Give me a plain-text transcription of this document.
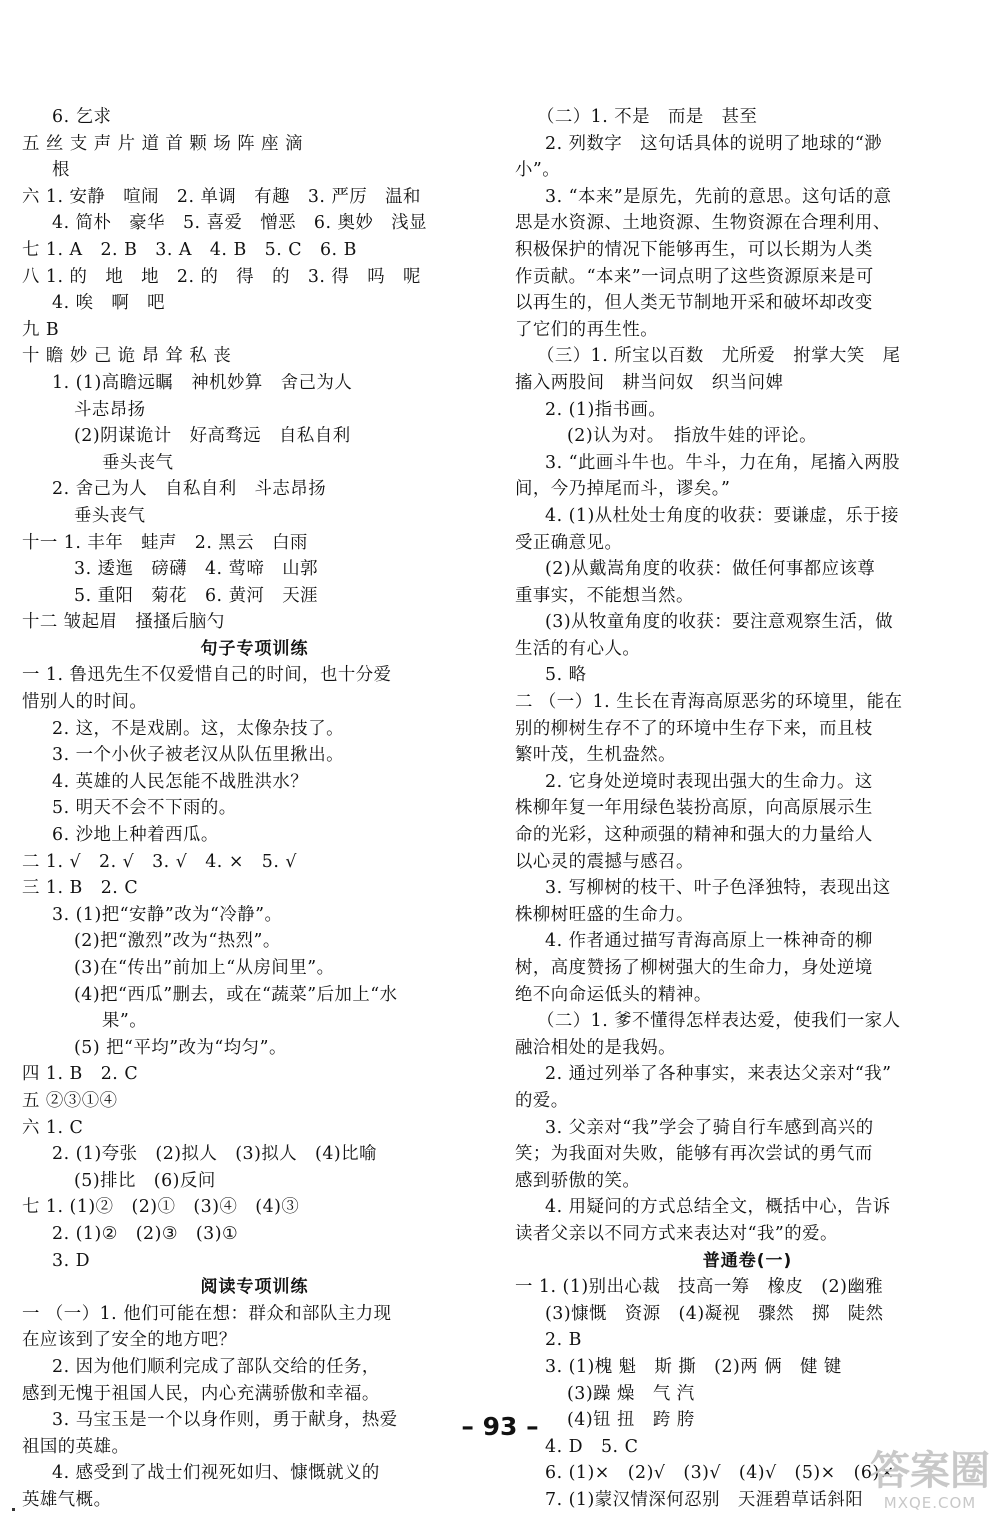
6. 乞求
五 丝 支 声 片 道 首 颗 场 阵 座 滴
根
六 1. 安静　喧闹　2. 单调　有趣　3. 严厉　温和
4. 简朴　豪华　5. 喜爱　憎恶　6. 奥妙　浅显
七 1. A　2. B　3. A　4. B　5. C　6. B
八 1. 的　地　地　2. 的　得　的　3. 得　吗　呢
4. 唉　啊　吧
九 B
十 瞻 妙 己 诡 昂 耸 私 丧
1. (1)高瞻远瞩　神机妙算　舍己为人
斗志昂扬
(2)阴谋诡计　好高骛远　自私自利
垂头丧气
2. 舍己为人　自私自利　斗志昂扬
垂头丧气
十一 1. 丰年　蛙声　2. 黑云　白雨
3. 逶迤　磅礴　4. 莺啼　山郭
5. 重阳　菊花　6. 黄河　天涯
十二 皱起眉　搔搔后脑勺
句子专项训练
一 1. 鲁迅先生不仅爱惜自己的时间，也十分爱
惜别人的时间。
2. 这，不是戏剧。这，太像杂技了。
3. 一个小伙子被老汉从队伍里揪出。
4. 英雄的人民怎能不战胜洪水？
5. 明天不会不下雨的。
6. 沙地上种着西瓜。
二 1. √　2. √　3. √　4. ×　5. √
三 1. B　2. C
3. (1)把“安静”改为“冷静”。
(2)把“激烈”改为“热烈”。
(3)在“传出”前加上“从房间里”。
(4)把“西瓜”删去，或在“蔬菜”后加上“水
果”。
(5) 把“平均”改为“均匀”。
四 1. B　2. C
五 ②③①④
六 1. C
2. (1)夸张　(2)拟人　(3)拟人　(4)比喻
(5)排比　(6)反问
七 1. (1)②　(2)①　(3)④　(4)③
2. (1)②　(2)③　(3)①
3. D
阅读专项训练
一 （一）1. 他们可能在想：群众和部队主力现
在应该到了安全的地方吧？
2. 因为他们顺利完成了部队交给的任务，
感到无愧于祖国人民，内心充满骄傲和幸福。
3. 马宝玉是一个以身作则，勇于献身，热爱
祖国的英雄。
4. 感受到了战士们视死如归、慷慨就义的
英雄气概。
（二）1. 不是　而是　甚至
2. 列数字　这句话具体的说明了地球的“渺
小”。
3. “本来”是原先，先前的意思。这句话的意
思是水资源、土地资源、生物资源在合理利用、
积极保护的情况下能够再生，可以长期为人类
作贡献。“本来”一词点明了这些资源原来是可
以再生的，但人类无节制地开采和破坏却改变
了它们的再生性。
（三）1. 所宝以百数　尤所爱　拊掌大笑　尾
搐入两股间　耕当问奴　织当问婢
2. (1)指书画。
(2)认为对。　指放牛娃的评论。
3. “此画斗牛也。牛斗，力在角，尾搐入两股
间，今乃掉尾而斗，谬矣。”
4. (1)从杜处士角度的收获：要谦虚，乐于接
受正确意见。
(2)从戴嵩角度的收获：做任何事都应该尊
重事实，不能想当然。
(3)从牧童角度的收获：要注意观察生活，做
生活的有心人。
5. 略
二 （一）1. 生长在青海高原恶劣的环境里，能在
别的柳树生存不了的环境中生存下来，而且枝
繁叶茂，生机盎然。
2. 它身处逆境时表现出强大的生命力。这
株柳年复一年用绿色装扮高原，向高原展示生
命的光彩，这种顽强的精神和强大的力量给人
以心灵的震撼与感召。
3. 写柳树的枝干、叶子色泽独特，表现出这
株柳树旺盛的生命力。
4. 作者通过描写青海高原上一株神奇的柳
树，高度赞扬了柳树强大的生命力，身处逆境
绝不向命运低头的精神。
（二）1. 爹不懂得怎样表达爱，使我们一家人
融洽相处的是我妈。
2. 通过列举了各种事实，来表达父亲对“我”
的爱。
3. 父亲对“我”学会了骑自行车感到高兴的
笑；为我面对失败，能够有再次尝试的勇气而
感到骄傲的笑。
4. 用疑问的方式总结全文，概括中心，告诉
读者父亲以不同方式来表达对“我”的爱。
普通卷(一)
一 1. (1)别出心裁　技高一筹　橡皮　(2)幽雅
(3)慷慨　资源　(4)凝视　骤然　掷　陡然
2. B
3. (1)槐 魁　斯 撕　(2)两 俩　健 键
(3)躁 燥　气 汽
(4)钮 扭　跨 胯
4. D　5. C
6. (1)×　(2)√　(3)√　(4)√　(5)×　(6)×
7. (1)蒙汉情深何忍别　天涯碧草话斜阳
– 93 –
答案圈
MXQE.COM
